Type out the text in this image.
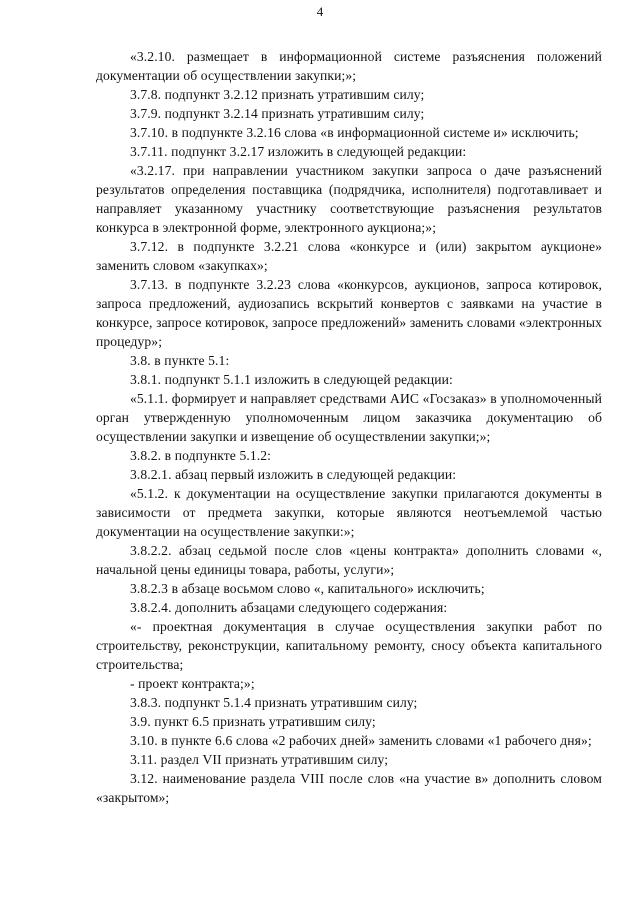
4

«3.2.10. размещает в информационной системе разъяснения положений документации об осуществлении закупки;»;

3.7.8. подпункт 3.2.12 признать утратившим силу;

3.7.9. подпункт 3.2.14 признать утратившим силу;

3.7.10. в подпункте 3.2.16 слова «в информационной системе и» исключить;

3.7.11. подпункт 3.2.17 изложить в следующей редакции:

«3.2.17. при направлении участником закупки запроса о даче разъяснений результатов определения поставщика (подрядчика, исполнителя) подготавливает и направляет указанному участнику соответствующие разъяснения результатов конкурса в электронной форме, электронного аукциона;»;

3.7.12. в подпункте 3.2.21 слова «конкурсе и (или) закрытом аукционе» заменить словом «закупках»;

3.7.13. в подпункте 3.2.23 слова «конкурсов, аукционов, запроса котировок, запроса предложений, аудиозапись вскрытий конвертов с заявками на участие в конкурсе, запросе котировок, запросе предложений» заменить словами «электронных процедур»;

3.8. в пункте 5.1:

3.8.1. подпункт 5.1.1 изложить в следующей редакции:

«5.1.1. формирует и направляет средствами АИС «Госзаказ» в уполномоченный орган утвержденную уполномоченным лицом заказчика документацию об осуществлении закупки и извещение об осуществлении закупки;»;

3.8.2. в подпункте 5.1.2:

3.8.2.1. абзац первый изложить в следующей редакции:

«5.1.2. к документации на осуществление закупки прилагаются документы в зависимости от предмета закупки, которые являются неотъемлемой частью документации на осуществление закупки:»;

3.8.2.2. абзац седьмой после слов «цены контракта» дополнить словами «, начальной цены единицы товара, работы, услуги»;

3.8.2.3 в абзаце восьмом слово «, капитального» исключить;

3.8.2.4. дополнить абзацами следующего содержания:

«- проектная документация в случае осуществления закупки работ по строительству, реконструкции, капитальному ремонту, сносу объекта капитального строительства;

- проект контракта;»;

3.8.3. подпункт 5.1.4 признать утратившим силу;

3.9. пункт 6.5 признать утратившим силу;

3.10. в пункте 6.6 слова «2 рабочих дней» заменить словами «1 рабочего дня»;

3.11. раздел VII признать утратившим силу;

3.12. наименование раздела VIII после слов «на участие в» дополнить словом «закрытом»;
